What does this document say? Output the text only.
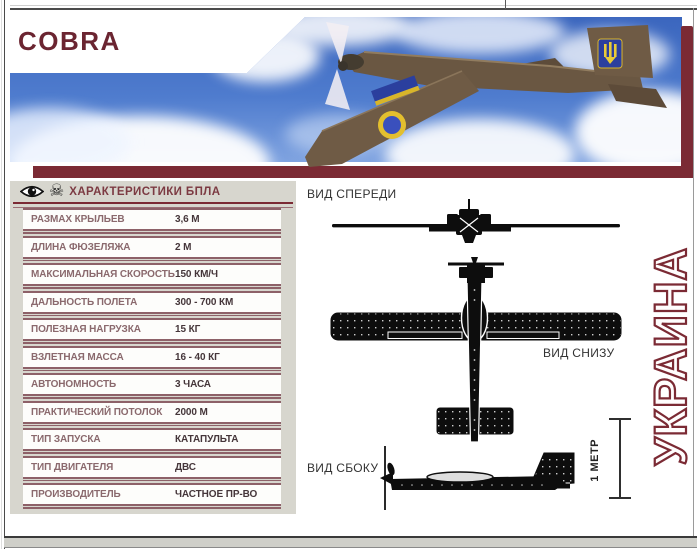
COBRA
☠ ХАРАКТЕРИСТИКИ БПЛА
РАЗМАХ КРЫЛЬЕВ	3,6 М
ДЛИНА ФЮЗЕЛЯЖА	2 М
МАКСИМАЛЬНАЯ СКОРОСТЬ 150 КМ/Ч
ДАЛЬНОСТЬ ПОЛЕТА	300 - 700 КМ
ПОЛЕЗНАЯ НАГРУЗКА	15 КГ
ВЗЛЕТНАЯ МАССА	16 - 40 КГ
АВТОНОМНОСТЬ	3 ЧАСА
ПРАКТИЧЕСКИЙ ПОТОЛОК 2000 М
ТИП ЗАПУСКА	КАТАПУЛЬТА
ТИП ДВИГАТЕЛЯ	ДВС
ПРОИЗВОДИТЕЛЬ	ЧАСТНОЕ ПР-ВО
ВИД СПЕРЕДИ
ВИД СНИЗУ
ВИД СБОКУ	1 МЕТР УКРАИНА
